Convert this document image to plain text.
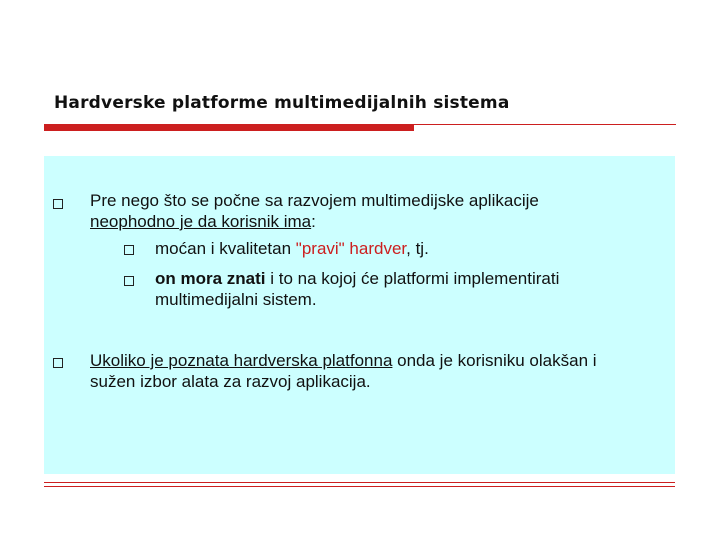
Hardverske platforme multimedijalnih sistema
Pre nego što se počne sa razvojem multimedijske aplikacije
neophodno je da korisnik ima:
moćan i kvalitetan "pravi" hardver, tj.
on mora znati i to na kojoj će platformi implementirati
multimedijalni sistem.
Ukoliko je poznata hardverska platfonna onda je korisniku olakšan i
sužen izbor alata za razvoj aplikacija.
